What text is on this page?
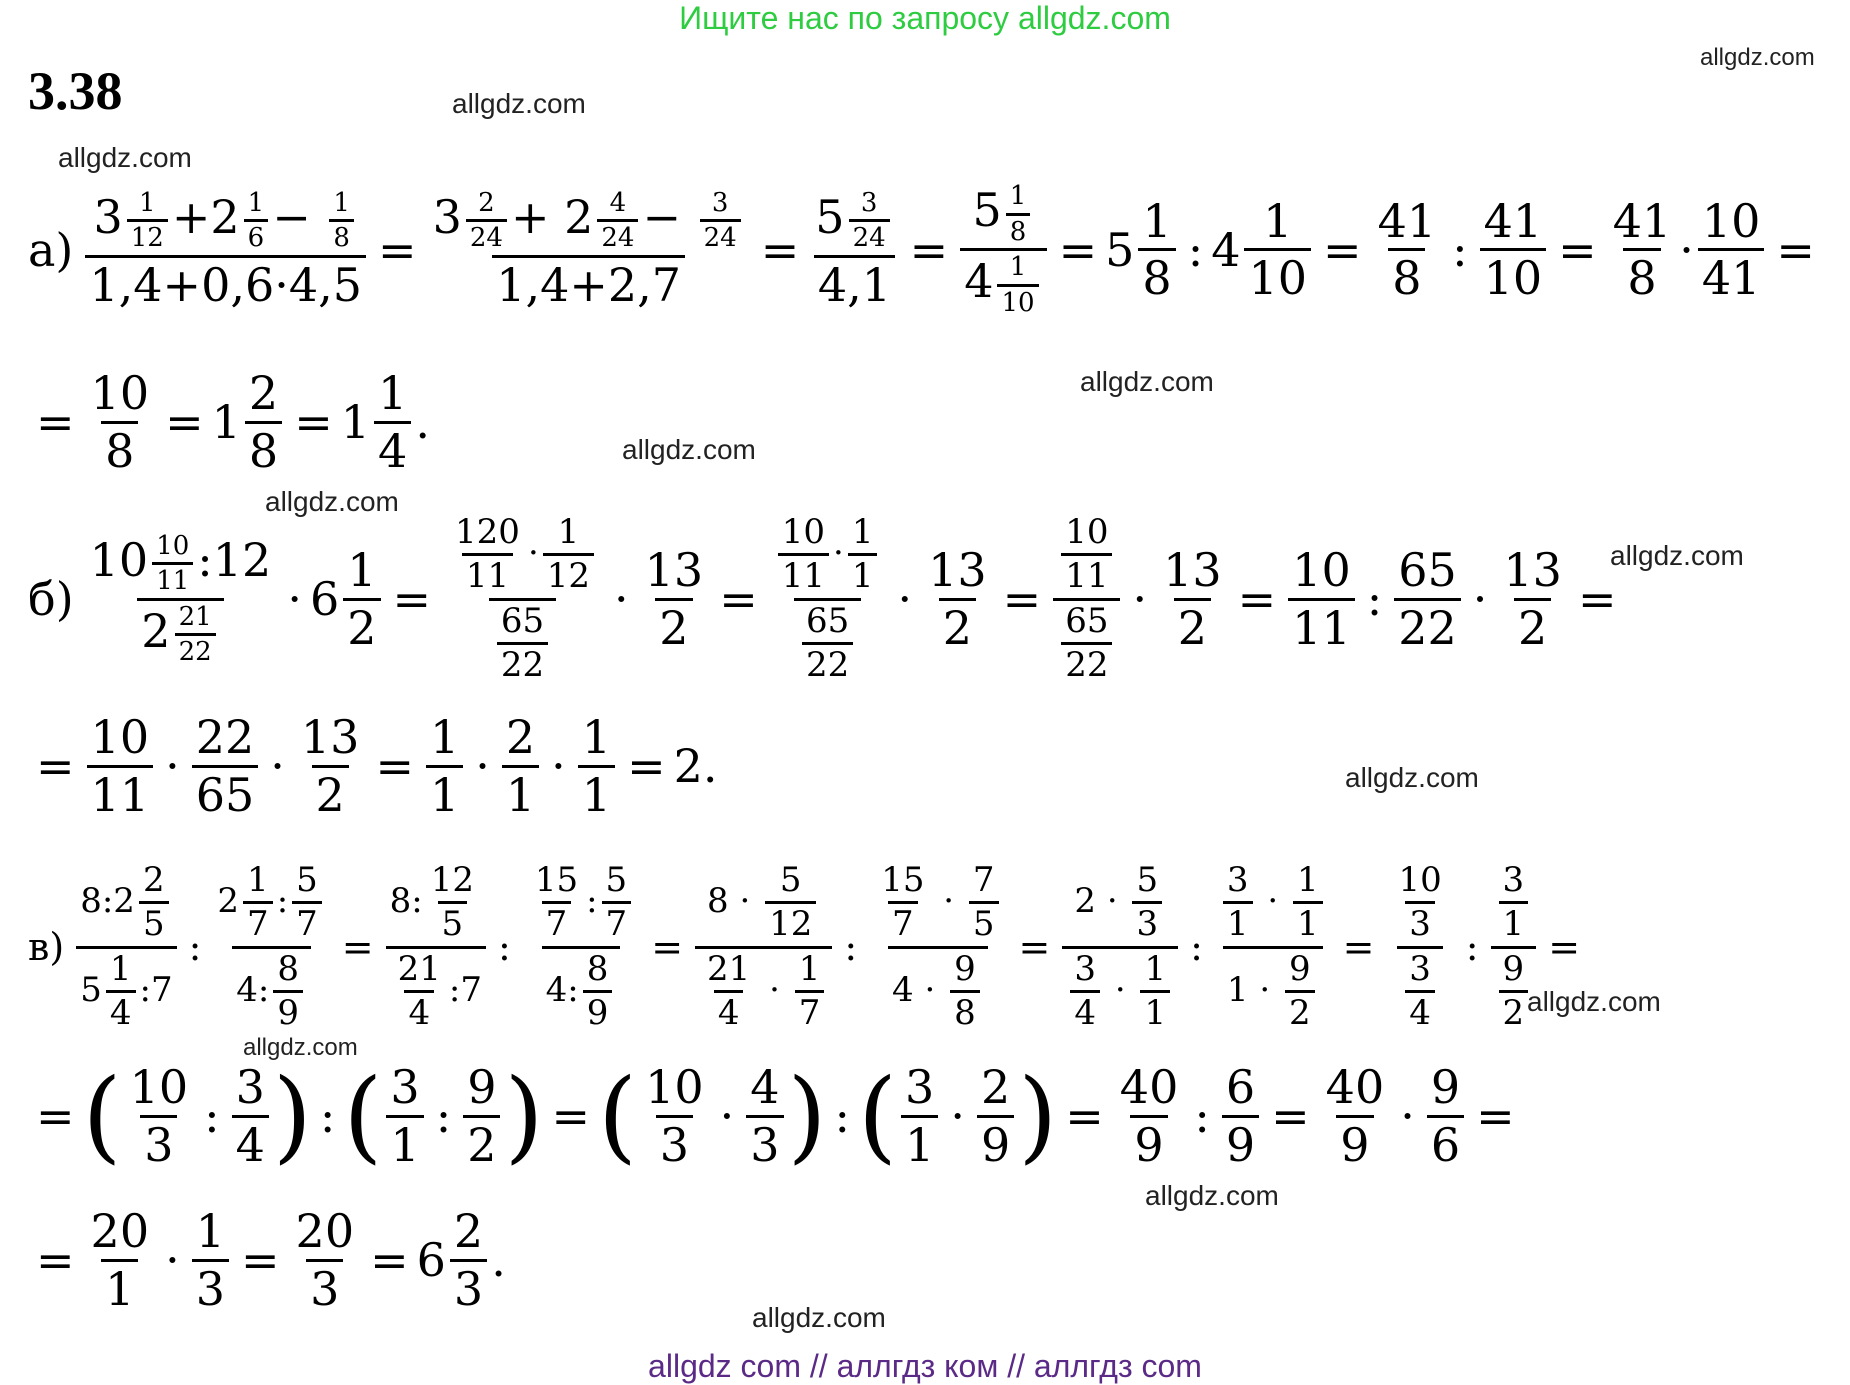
Ищите нас по запросу allgdz.com
3.38
allgdz.com
allgdz.com
allgdz.com
allgdz.com
allgdz.com
allgdz.com
allgdz.com
allgdz.com
allgdz.com
allgdz.com
allgdz.com
allgdz.com
$а) \frac{3 \frac{1}{12} +2 \frac{1}{6} - \frac{1}{8}}{1,4+0,6\cdot 4,5} = \frac{3 \frac{2}{24} + 2 \frac{4}{24} - \frac{3}{24}}{1,4+2,7} = \frac{5 \frac{3}{24}}{4,1} = \frac{5 \frac{1}{8}}{4 \frac{1}{10}} = 5$
1
8
: $4 \frac{1}{10} = \frac{41}{8}$ : $\frac{41}{10} = \frac{41}{8} \cdot \frac{10}{41}$ =
= $\frac{10}{8} = 1 \frac{2}{8} = 1$
1
4
.
б)
$10 \frac{10}{11}$ :12
$2 \frac{21}{22}$
· $6 \frac{1}{2} = \frac{\frac{120}{11} \cdot \frac{1}{12}}{\frac{65}{22}} \cdot \frac{13}{2} = \frac{\frac{10}{11} \cdot \frac{1}{1}}{\frac{65}{22}} \cdot \frac{13}{2} = \frac{\frac{10}{11}}{\frac{65}{22}} \cdot \frac{13}{2} = \frac{10}{11}$ :
65
22
· $\frac{13}{2}$ =
= $\frac{10}{11}$ ·
22
65
· $\frac{13}{2} = \frac{1}{1}$ ·
2
1
· $\frac{1}{1} = 2$.
в)
8:2 $\frac{2}{5}$
$5 \frac{1}{4}$ :7
: $\frac{2 \frac{1}{7} : \frac{5}{7}}{4: \frac{8}{9}} = \frac{8: \frac{12}{5}}{\frac{21}{4} :7}$ : $\frac{\frac{15}{7} : \frac{5}{7}}{4: \frac{8}{9}} = \frac{8 \cdot \frac{5}{12}}{\frac{21}{4} \cdot \frac{1}{7}}$ : $\frac{\frac{15}{7} \cdot \frac{7}{5}}{4 \cdot \frac{9}{8}} = \frac{2 \cdot \frac{5}{3}}{\frac{3}{4} \cdot \frac{1}{1}}$ : $\frac{\frac{3}{1} \cdot \frac{1}{1}}{1 \cdot \frac{9}{2}} = \frac{\frac{10}{3}}{\frac{3}{4}}$ : $\frac{\frac{3}{1}}{\frac{9}{2}}$ =
= ( 10
3
:
3
4 ) : ( 3
1
:
9
2 ) = ( 10
3
·
4
3 ) : ( 3
1
·
2
9 ) = $\frac{40}{9}$ : $\frac{6}{9} = \frac{40}{9} \cdot \frac{9}{6}$ =
= $\frac{20}{1} \cdot \frac{1}{3} = \frac{20}{3} = 6$
2
3
.
allgdz com // аллгдз ком // аллгдз com
